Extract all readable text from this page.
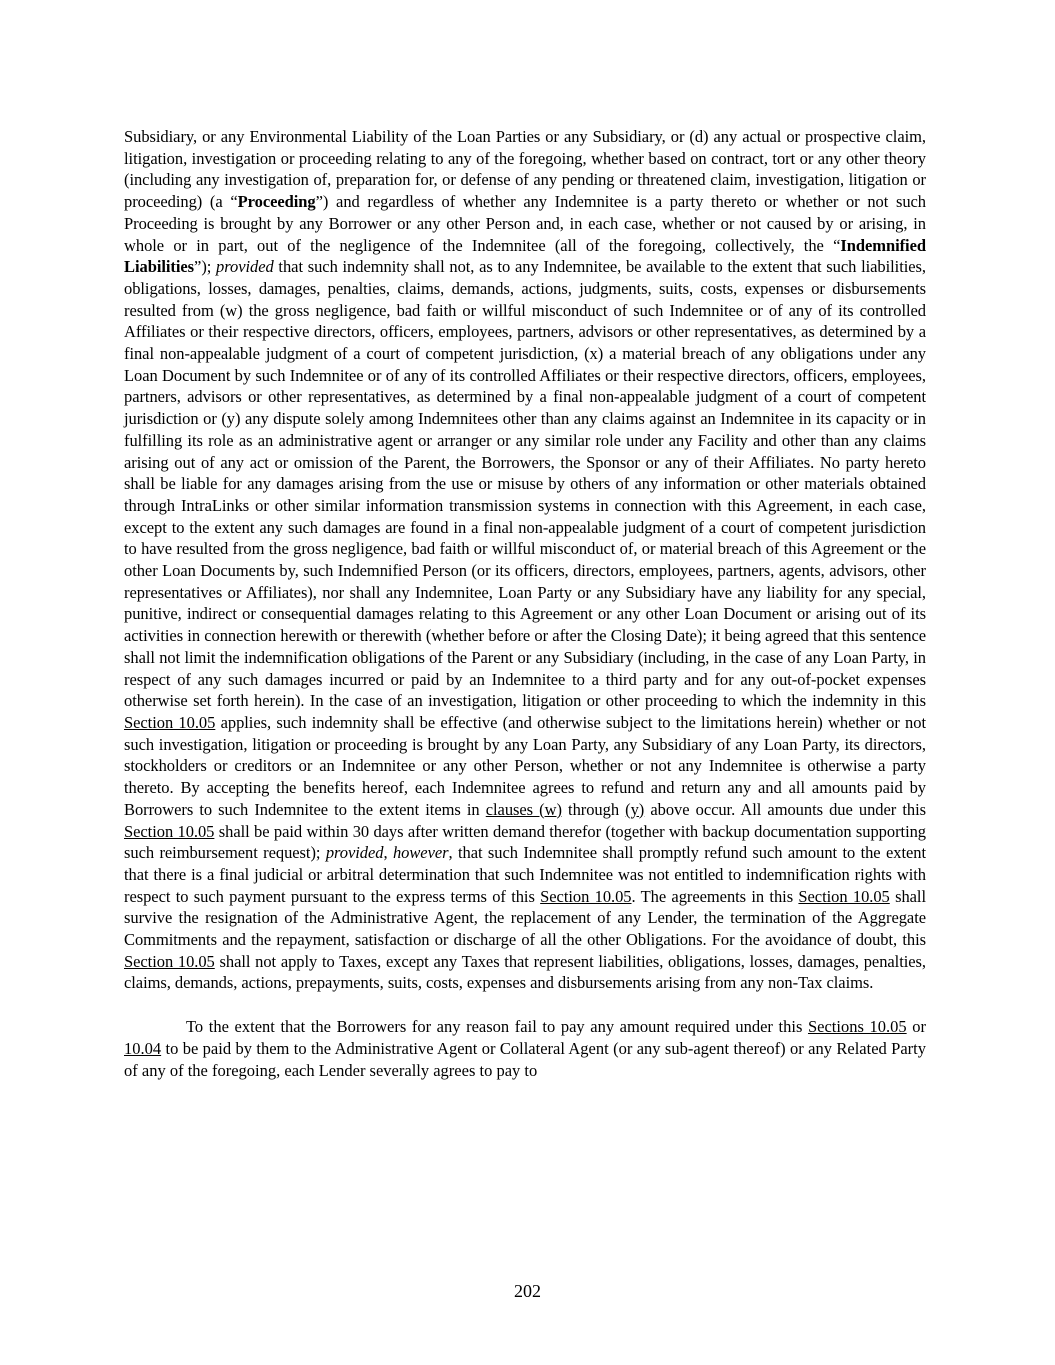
Subsidiary, or any Environmental Liability of the Loan Parties or any Subsidiary, or (d) any actual or prospective claim, litigation, investigation or proceeding relating to any of the foregoing, whether based on contract, tort or any other theory (including any investigation of, preparation for, or defense of any pending or threatened claim, investigation, litigation or proceeding) (a “Proceeding”) and regardless of whether any Indemnitee is a party thereto or whether or not such Proceeding is brought by any Borrower or any other Person and, in each case, whether or not caused by or arising, in whole or in part, out of the negligence of the Indemnitee (all of the foregoing, collectively, the “Indemnified Liabilities”); provided that such indemnity shall not, as to any Indemnitee, be available to the extent that such liabilities, obligations, losses, damages, penalties, claims, demands, actions, judgments, suits, costs, expenses or disbursements resulted from (w) the gross negligence, bad faith or willful misconduct of such Indemnitee or of any of its controlled Affiliates or their respective directors, officers, employees, partners, advisors or other representatives, as determined by a final non-appealable judgment of a court of competent jurisdiction, (x) a material breach of any obligations under any Loan Document by such Indemnitee or of any of its controlled Affiliates or their respective directors, officers, employees, partners, advisors or other representatives, as determined by a final non-appealable judgment of a court of competent jurisdiction or (y) any dispute solely among Indemnitees other than any claims against an Indemnitee in its capacity or in fulfilling its role as an administrative agent or arranger or any similar role under any Facility and other than any claims arising out of any act or omission of the Parent, the Borrowers, the Sponsor or any of their Affiliates. No party hereto shall be liable for any damages arising from the use or misuse by others of any information or other materials obtained through IntraLinks or other similar information transmission systems in connection with this Agreement, in each case, except to the extent any such damages are found in a final non-appealable judgment of a court of competent jurisdiction to have resulted from the gross negligence, bad faith or willful misconduct of, or material breach of this Agreement or the other Loan Documents by, such Indemnified Person (or its officers, directors, employees, partners, agents, advisors, other representatives or Affiliates), nor shall any Indemnitee, Loan Party or any Subsidiary have any liability for any special, punitive, indirect or consequential damages relating to this Agreement or any other Loan Document or arising out of its activities in connection herewith or therewith (whether before or after the Closing Date); it being agreed that this sentence shall not limit the indemnification obligations of the Parent or any Subsidiary (including, in the case of any Loan Party, in respect of any such damages incurred or paid by an Indemnitee to a third party and for any out-of-pocket expenses otherwise set forth herein). In the case of an investigation, litigation or other proceeding to which the indemnity in this Section 10.05 applies, such indemnity shall be effective (and otherwise subject to the limitations herein) whether or not such investigation, litigation or proceeding is brought by any Loan Party, any Subsidiary of any Loan Party, its directors, stockholders or creditors or an Indemnitee or any other Person, whether or not any Indemnitee is otherwise a party thereto. By accepting the benefits hereof, each Indemnitee agrees to refund and return any and all amounts paid by Borrowers to such Indemnitee to the extent items in clauses (w) through (y) above occur. All amounts due under this Section 10.05 shall be paid within 30 days after written demand therefor (together with backup documentation supporting such reimbursement request); provided, however, that such Indemnitee shall promptly refund such amount to the extent that there is a final judicial or arbitral determination that such Indemnitee was not entitled to indemnification rights with respect to such payment pursuant to the express terms of this Section 10.05. The agreements in this Section 10.05 shall survive the resignation of the Administrative Agent, the replacement of any Lender, the termination of the Aggregate Commitments and the repayment, satisfaction or discharge of all the other Obligations. For the avoidance of doubt, this Section 10.05 shall not apply to Taxes, except any Taxes that represent liabilities, obligations, losses, damages, penalties, claims, demands, actions, prepayments, suits, costs, expenses and disbursements arising from any non-Tax claims.

To the extent that the Borrowers for any reason fail to pay any amount required under this Sections 10.05 or 10.04 to be paid by them to the Administrative Agent or Collateral Agent (or any sub-agent thereof) or any Related Party of any of the foregoing, each Lender severally agrees to pay to

202
